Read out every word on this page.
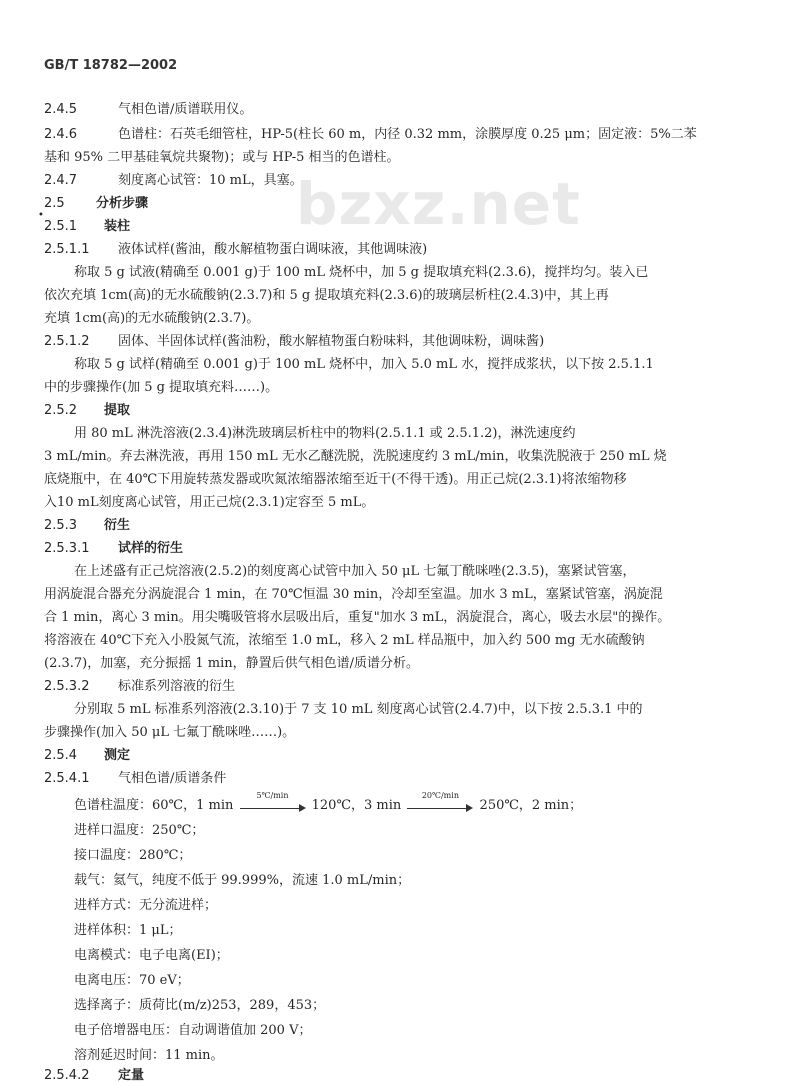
bzxz.net
GB/T 18782—2002
•
2.4.5	气相色谱/质谱联用仪。
2.4.6	色谱柱：石英毛细管柱，HP-5(柱长 60 m，内径 0.32 mm，涂膜厚度 0.25 μm；固定液：5%二苯
基和 95% 二甲基硅氧烷共聚物)；或与 HP-5 相当的色谱柱。
2.4.7	刻度离心试管：10 mL，具塞。
2.5 分析步骤
2.5.1 装柱
2.5.1.1 液体试样(酱油，酸水解植物蛋白调味液，其他调味液)
称取 5 g 试液(精确至 0.001 g)于 100 mL 烧杯中，加 5 g 提取填充料(2.3.6)，搅拌均匀。装入已
依次充填 1cm(高)的无水硫酸钠(2.3.7)和 5 g 提取填充料(2.3.6)的玻璃层析柱(2.4.3)中，其上再
充填 1cm(高)的无水硫酸钠(2.3.7)。
2.5.1.2 固体、半固体试样(酱油粉，酸水解植物蛋白粉味料，其他调味粉，调味酱)
称取 5 g 试样(精确至 0.001 g)于 100 mL 烧杯中，加入 5.0 mL 水，搅拌成浆状，以下按 2.5.1.1
中的步骤操作(加 5 g 提取填充料……)。
2.5.2 提取
用 80 mL 淋洗溶液(2.3.4)淋洗玻璃层析柱中的物料(2.5.1.1 或 2.5.1.2)，淋洗速度约
3 mL/min。弃去淋洗液，再用 150 mL 无水乙醚洗脱，洗脱速度约 3 mL/min，收集洗脱液于 250 mL 烧
底烧瓶中，在 40℃下用旋转蒸发器或吹氮浓缩器浓缩至近干(不得干透)。用正己烷(2.3.1)将浓缩物移
入10 mL刻度离心试管，用正己烷(2.3.1)定容至 5 mL。
2.5.3 衍生
2.5.3.1 试样的衍生
在上述盛有正己烷溶液(2.5.2)的刻度离心试管中加入 50 μL 七氟丁酰咪唑(2.3.5)，塞紧试管塞，
用涡旋混合器充分涡旋混合 1 min，在 70℃恒温 30 min，冷却至室温。加水 3 mL，塞紧试管塞，涡旋混
合 1 min，离心 3 min。用尖嘴吸管将水层吸出后，重复"加水 3 mL，涡旋混合，离心，吸去水层"的操作。
将溶液在 40℃下充入小股氮气流，浓缩至 1.0 mL，移入 2 mL 样品瓶中，加入约 500 mg 无水硫酸钠
(2.3.7)，加塞，充分振摇 1 min，静置后供气相色谱/质谱分析。
2.5.3.2 标准系列溶液的衍生
分别取 5 mL 标准系列溶液(2.3.10)于 7 支 10 mL 刻度离心试管(2.4.7)中，以下按 2.5.3.1 中的
步骤操作(加入 50 μL 七氟丁酰咪唑……)。
2.5.4 测定
2.5.4.1 气相色谱/质谱条件
色谱柱温度：60℃，1 min
5℃/min
120℃，3 min
20℃/min
250℃，2 min；
进样口温度：250℃；
接口温度：280℃；
载气：氦气，纯度不低于 99.999%，流速 1.0 mL/min；
进样方式：无分流进样；
进样体积：1 μL；
电离模式：电子电离(EI)；
电离电压：70 eV；
选择离子：质荷比(m/z)253，289，453；
电子倍增器电压：自动调谐值加 200 V；
溶剂延迟时间：11 min。
2.5.4.2 定量
